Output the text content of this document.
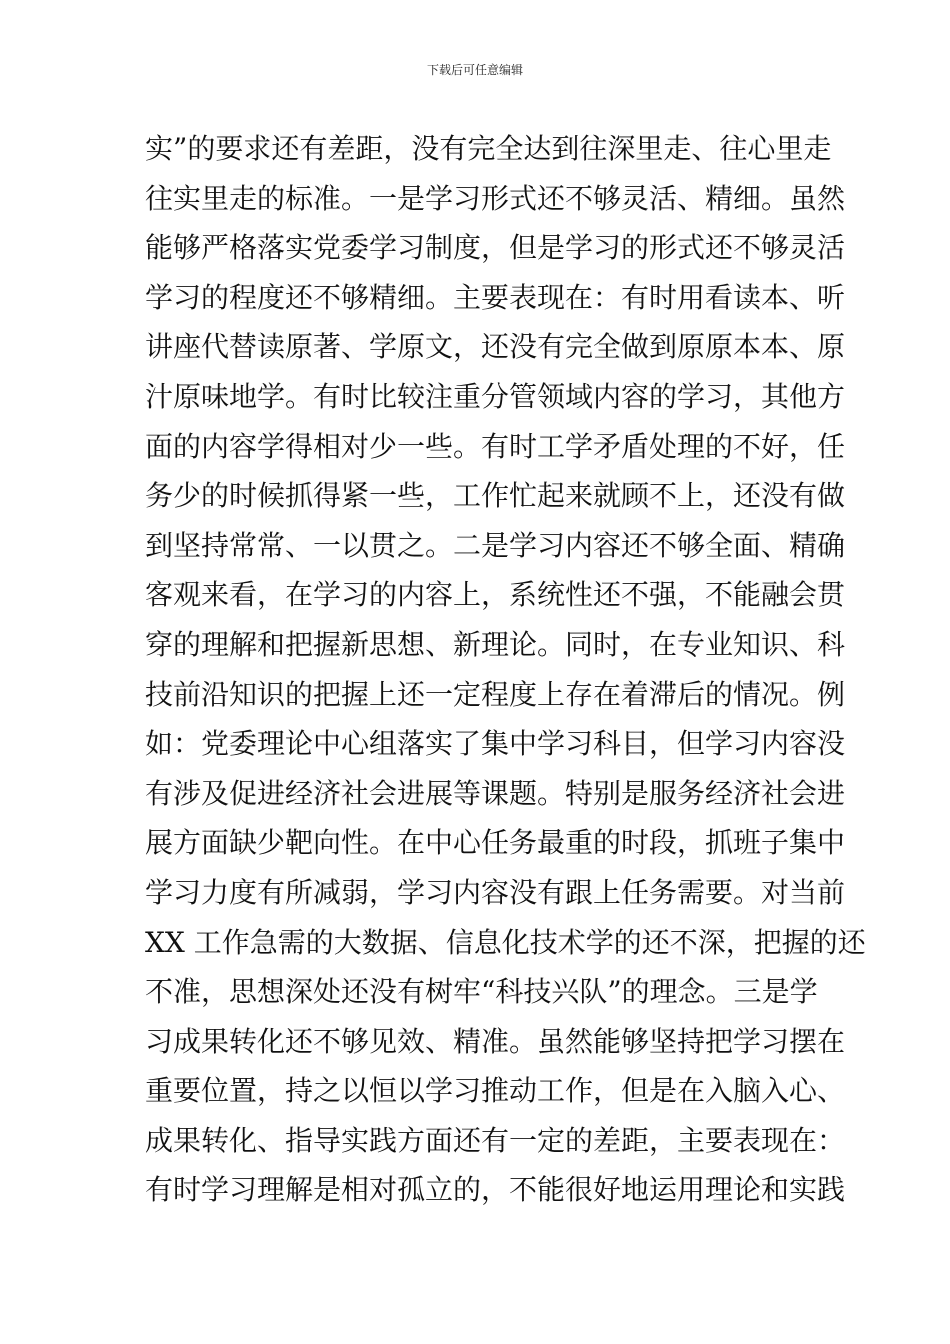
下载后可任意编辑
实”的要求还有差距，没有完全达到往深里走、往心里走
往实里走的标准。一是学习形式还不够灵活、精细。虽然
能够严格落实党委学习制度，但是学习的形式还不够灵活
学习的程度还不够精细。主要表现在：有时用看读本、听
讲座代替读原著、学原文，还没有完全做到原原本本、原
汁原味地学。有时比较注重分管领域内容的学习，其他方
面的内容学得相对少一些。有时工学矛盾处理的不好，任
务少的时候抓得紧一些，工作忙起来就顾不上，还没有做
到坚持常常、一以贯之。二是学习内容还不够全面、精确
客观来看，在学习的内容上，系统性还不强，不能融会贯
穿的理解和把握新思想、新理论。同时，在专业知识、科
技前沿知识的把握上还一定程度上存在着滞后的情况。例
如：党委理论中心组落实了集中学习科目，但学习内容没
有涉及促进经济社会进展等课题。特别是服务经济社会进
展方面缺少靶向性。在中心任务最重的时段，抓班子集中
学习力度有所减弱，学习内容没有跟上任务需要。对当前
XX 工作急需的大数据、信息化技术学的还不深，把握的还
不准，思想深处还没有树牢“科技兴队”的理念。三是学
习成果转化还不够见效、精准。虽然能够坚持把学习摆在
重要位置，持之以恒以学习推动工作，但是在入脑入心、
成果转化、指导实践方面还有一定的差距，主要表现在：
有时学习理解是相对孤立的，不能很好地运用理论和实践
